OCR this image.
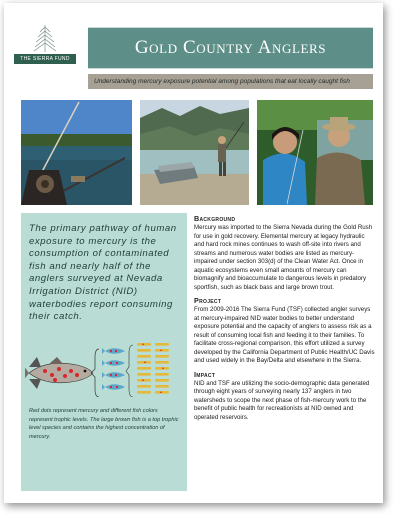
THE SIERRA FUND
Gold Country Anglers
Understanding mercury exposure potential among populations that eat locally caught fish
The primary pathway of human exposure to mercury is the consumption of contaminated fish and nearly half of the anglers surveyed at Nevada Irrigation District (NID) waterbodies report consuming their catch.
Red dots represent mercury and different fish colors represent trophic levels. The large brown fish is a top trophic level species and contains the highest concentration of mercury.
Background
Mercury was imported to the Sierra Nevada during the Gold Rush for use in gold recovery. Elemental mercury at legacy hydraulic and hard rock mines continues to wash off-site into rivers and streams and numerous water bodies are listed as mercury-impaired under section 303(d) of the Clean Water Act. Once in aquatic ecosystems even small amounts of mercury can biomagnify and bioaccumulate to dangerous levels in predatory sportfish, such as black bass and large brown trout.
Project
From 2009-2016 The Sierra Fund (TSF) collected angler surveys at mercury-impaired NID water bodies to better understand exposure potential and the capacity of anglers to assess risk as a result of consuming local fish and feeding it to their families. To facilitate cross-regional comparison, this effort utilized a survey developed by the California Department of Public Health/UC Davis and used widely in the Bay/Delta and elsewhere in the Sierra.
Impact
NID and TSF are utilizing the socio-demographic data generated through eight years of surveying nearly 137 anglers in two watersheds to scope the next phase of fish-mercury work to the benefit of public health for recreationists at NID owned and operated reservoirs.
